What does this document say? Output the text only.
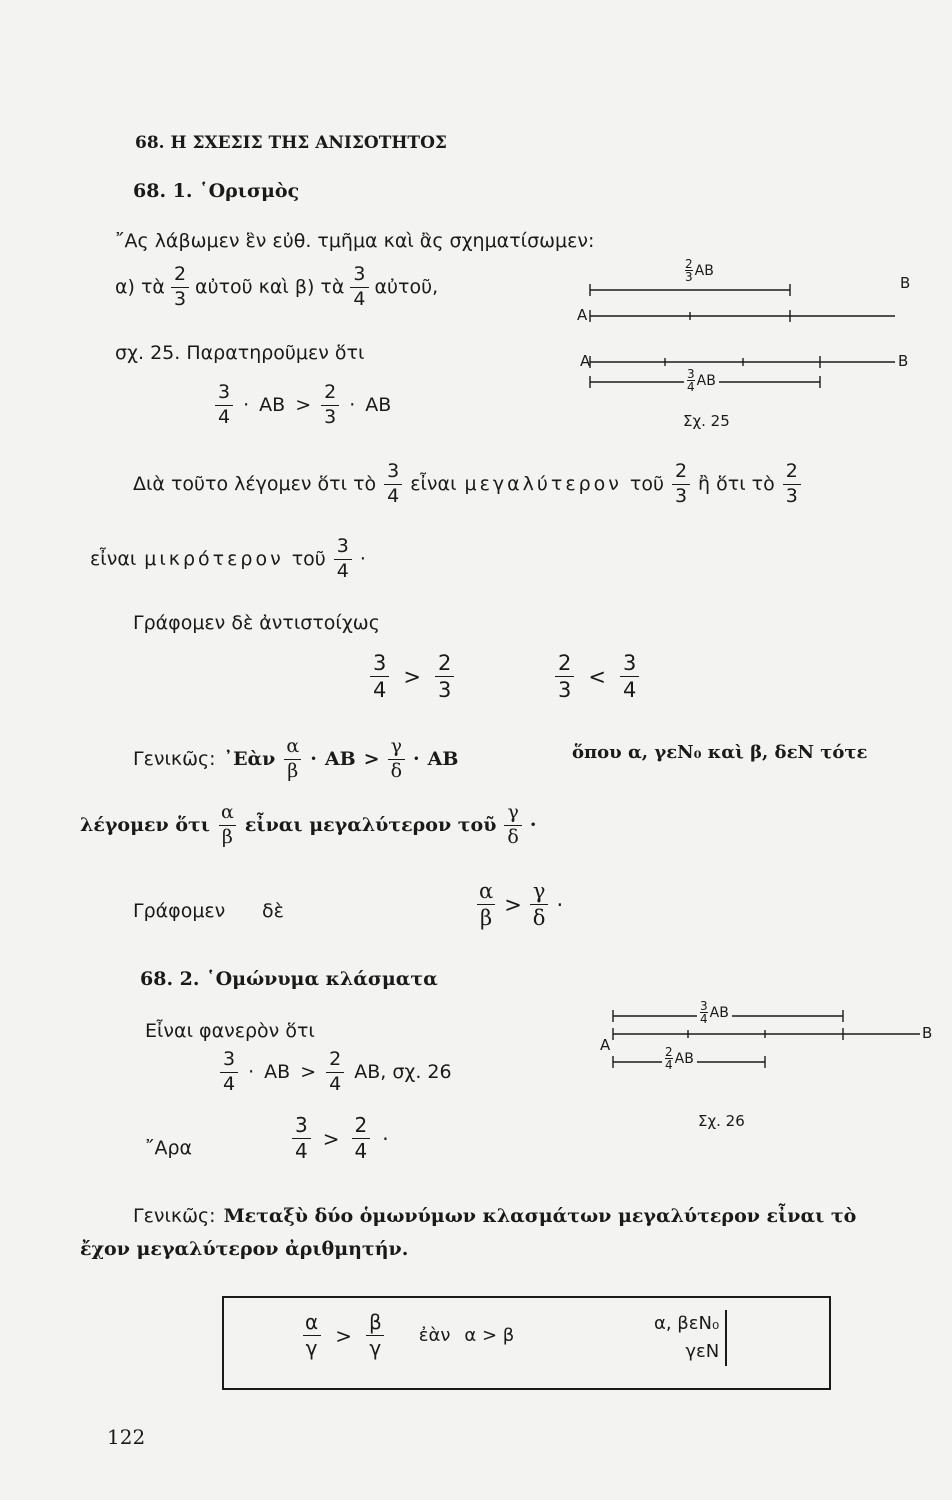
68. Η ΣΧΕΣΙΣ ΤΗΣ ΑΝΙΣΟΤΗΤΟΣ
68. 1. ῾Ορισμὸς
῎Ας λάβωμεν ἓν εὐθ. τμῆμα καὶ ἂς σχηματίσωμεν:
α) τὰ $\frac{2}{3}$ αὐτοῦ καὶ β) τὰ $\frac{3}{4}$ αὐτοῦ,
σχ. 25. Παρατηροῦμεν ὅτι
$\frac{3}{4}$ · AB > $\frac{2}{3}$ · AB
2
3 AB
A
B
A	B
3
4 AB
Σχ. 25
Διὰ τοῦτο λέγομεν ὅτι τὸ $\frac{3}{4}$ εἶναι μεγαλύτερον τοῦ $\frac{2}{3}$ ἢ ὅτι τὸ $\frac{2}{3}$
εἶναι μικρότερον τοῦ $\frac{3}{4}$ ·
Γράφομεν δὲ ἀντιστοίχως
$\frac{3}{4} > \frac{2}{3}$	$\frac{2}{3} < \frac{3}{4}$
Γενικῶς: ᾿Εὰν $\frac{\alpha}{\beta}$ · AB > $\frac{\gamma}{\delta}$ · AB	ὅπου α, γεN₀ καὶ β, δεN τότε
λέγομεν ὅτι $\frac{\alpha}{\beta}$ εἶναι μεγαλύτερον τοῦ $\frac{\gamma}{\delta}$ ·
Γράφομεν δὲ	$\frac{\alpha}{\beta} > \frac{\gamma}{\delta}$ ·
68. 2. ῾Ομώνυμα κλάσματα
Εἶναι φανερὸν ὅτι
$\frac{3}{4}$ · AB > $\frac{2}{4}$ AB, σχ. 26
3
4 AB
A
B
2
4 AB
Σχ. 26
῎Αρα	$\frac{3}{4} > \frac{2}{4}$ ·
Γενικῶς: Μεταξὺ δύο ὁμωνύμων κλασμάτων μεγαλύτερον εἶναι τὸ
ἔχον μεγαλύτερον ἀριθμητήν.
$\frac{\alpha}{\gamma} > \frac{\beta}{\gamma}$ ἐὰν α > β
α, βεN₀
γεN
122
